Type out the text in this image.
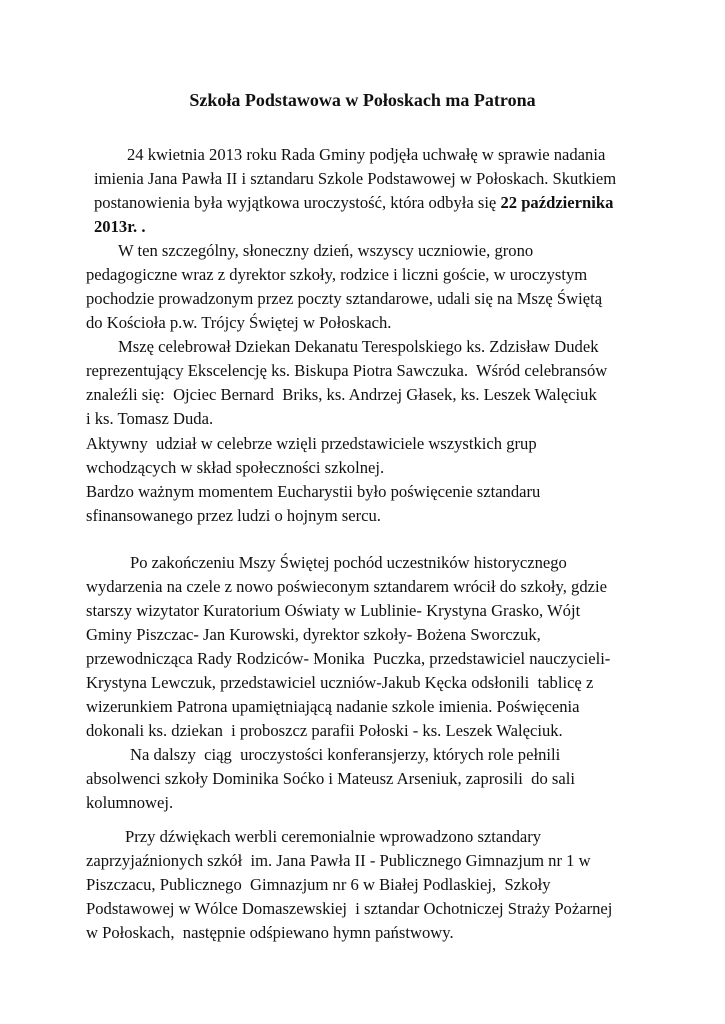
Szkoła Podstawowa w Połoskach ma Patrona
24 kwietnia 2013 roku Rada Gminy podjęła uchwałę w sprawie nadania
imienia Jana Pawła II i sztandaru Szkole Podstawowej w Połoskach. Skutkiem
postanowienia była wyjątkowa uroczystość, która odbyła się 22 października
2013r. .
W ten szczególny, słoneczny dzień, wszyscy uczniowie, grono
pedagogiczne wraz z dyrektor szkoły, rodzice i liczni goście, w uroczystym
pochodzie prowadzonym przez poczty sztandarowe, udali się na Mszę Świętą
do Kościoła p.w. Trójcy Świętej w Połoskach.
Mszę celebrował Dziekan Dekanatu Terespolskiego ks. Zdzisław Dudek
reprezentujący Ekscelencję ks. Biskupa Piotra Sawczuka.  Wśród celebransów
znaleźli się:  Ojciec Bernard  Briks, ks. Andrzej Głasek, ks. Leszek Walęciuk
i ks. Tomasz Duda.
Aktywny  udział w celebrze wzięli przedstawiciele wszystkich grup
wchodzących w skład społeczności szkolnej.
Bardzo ważnym momentem Eucharystii było poświęcenie sztandaru
sfinansowanego przez ludzi o hojnym sercu.
Po zakończeniu Mszy Świętej pochód uczestników historycznego
wydarzenia na czele z nowo poświeconym sztandarem wrócił do szkoły, gdzie
starszy wizytator Kuratorium Oświaty w Lublinie- Krystyna Grasko, Wójt
Gminy Piszczac- Jan Kurowski, dyrektor szkoły- Bożena Sworczuk,
przewodnicząca Rady Rodziców- Monika  Puczka, przedstawiciel nauczycieli-
Krystyna Lewczuk, przedstawiciel uczniów-Jakub Kęcka odsłonili  tablicę z
wizerunkiem Patrona upamiętniającą nadanie szkole imienia. Poświęcenia
dokonali ks. dziekan  i proboszcz parafii Połoski - ks. Leszek Walęciuk.
Na dalszy  ciąg  uroczystości konferansjerzy, których role pełnili
absolwenci szkoły Dominika Soćko i Mateusz Arseniuk, zaprosili  do sali
kolumnowej.
Przy dźwiękach werbli ceremonialnie wprowadzono sztandary
zaprzyjaźnionych szkół  im. Jana Pawła II - Publicznego Gimnazjum nr 1 w
Piszczacu, Publicznego  Gimnazjum nr 6 w Białej Podlaskiej,  Szkoły
Podstawowej w Wólce Domaszewskiej  i sztandar Ochotniczej Straży Pożarnej
w Połoskach,  następnie odśpiewano hymn państwowy.
